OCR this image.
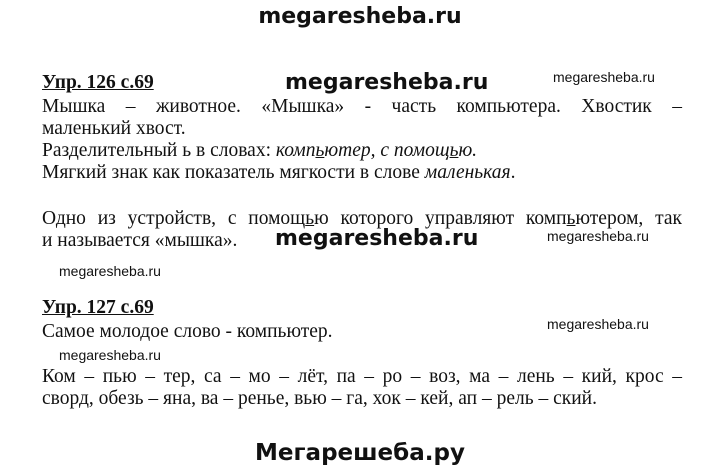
megaresheba.ru
Упр. 126 с.69	megaresheba.ru	megaresheba.ru
Мышка – животное. «Мышка» - часть компьютера. Хвостик –
маленький хвост.
Разделительный ь в словах: компьютер, с помощью.
Мягкий знак как показатель мягкости в слове маленькая.
Одно из устройств, с помощью которого управляют компьютером, так
и называется «мышка».	megaresheba.ru	megaresheba.ru
megaresheba.ru
Упр. 127 с.69
megaresheba.ru
Самое молодое слово - компьютер.
megaresheba.ru
Ком – пью – тер, са – мо – лёт, па – ро – воз, ма – лень – кий, крос –
сворд, обезь – яна, ва – ренье, вью – га, хок – кей, ап – рель – ский.
Мегарешеба.ру
